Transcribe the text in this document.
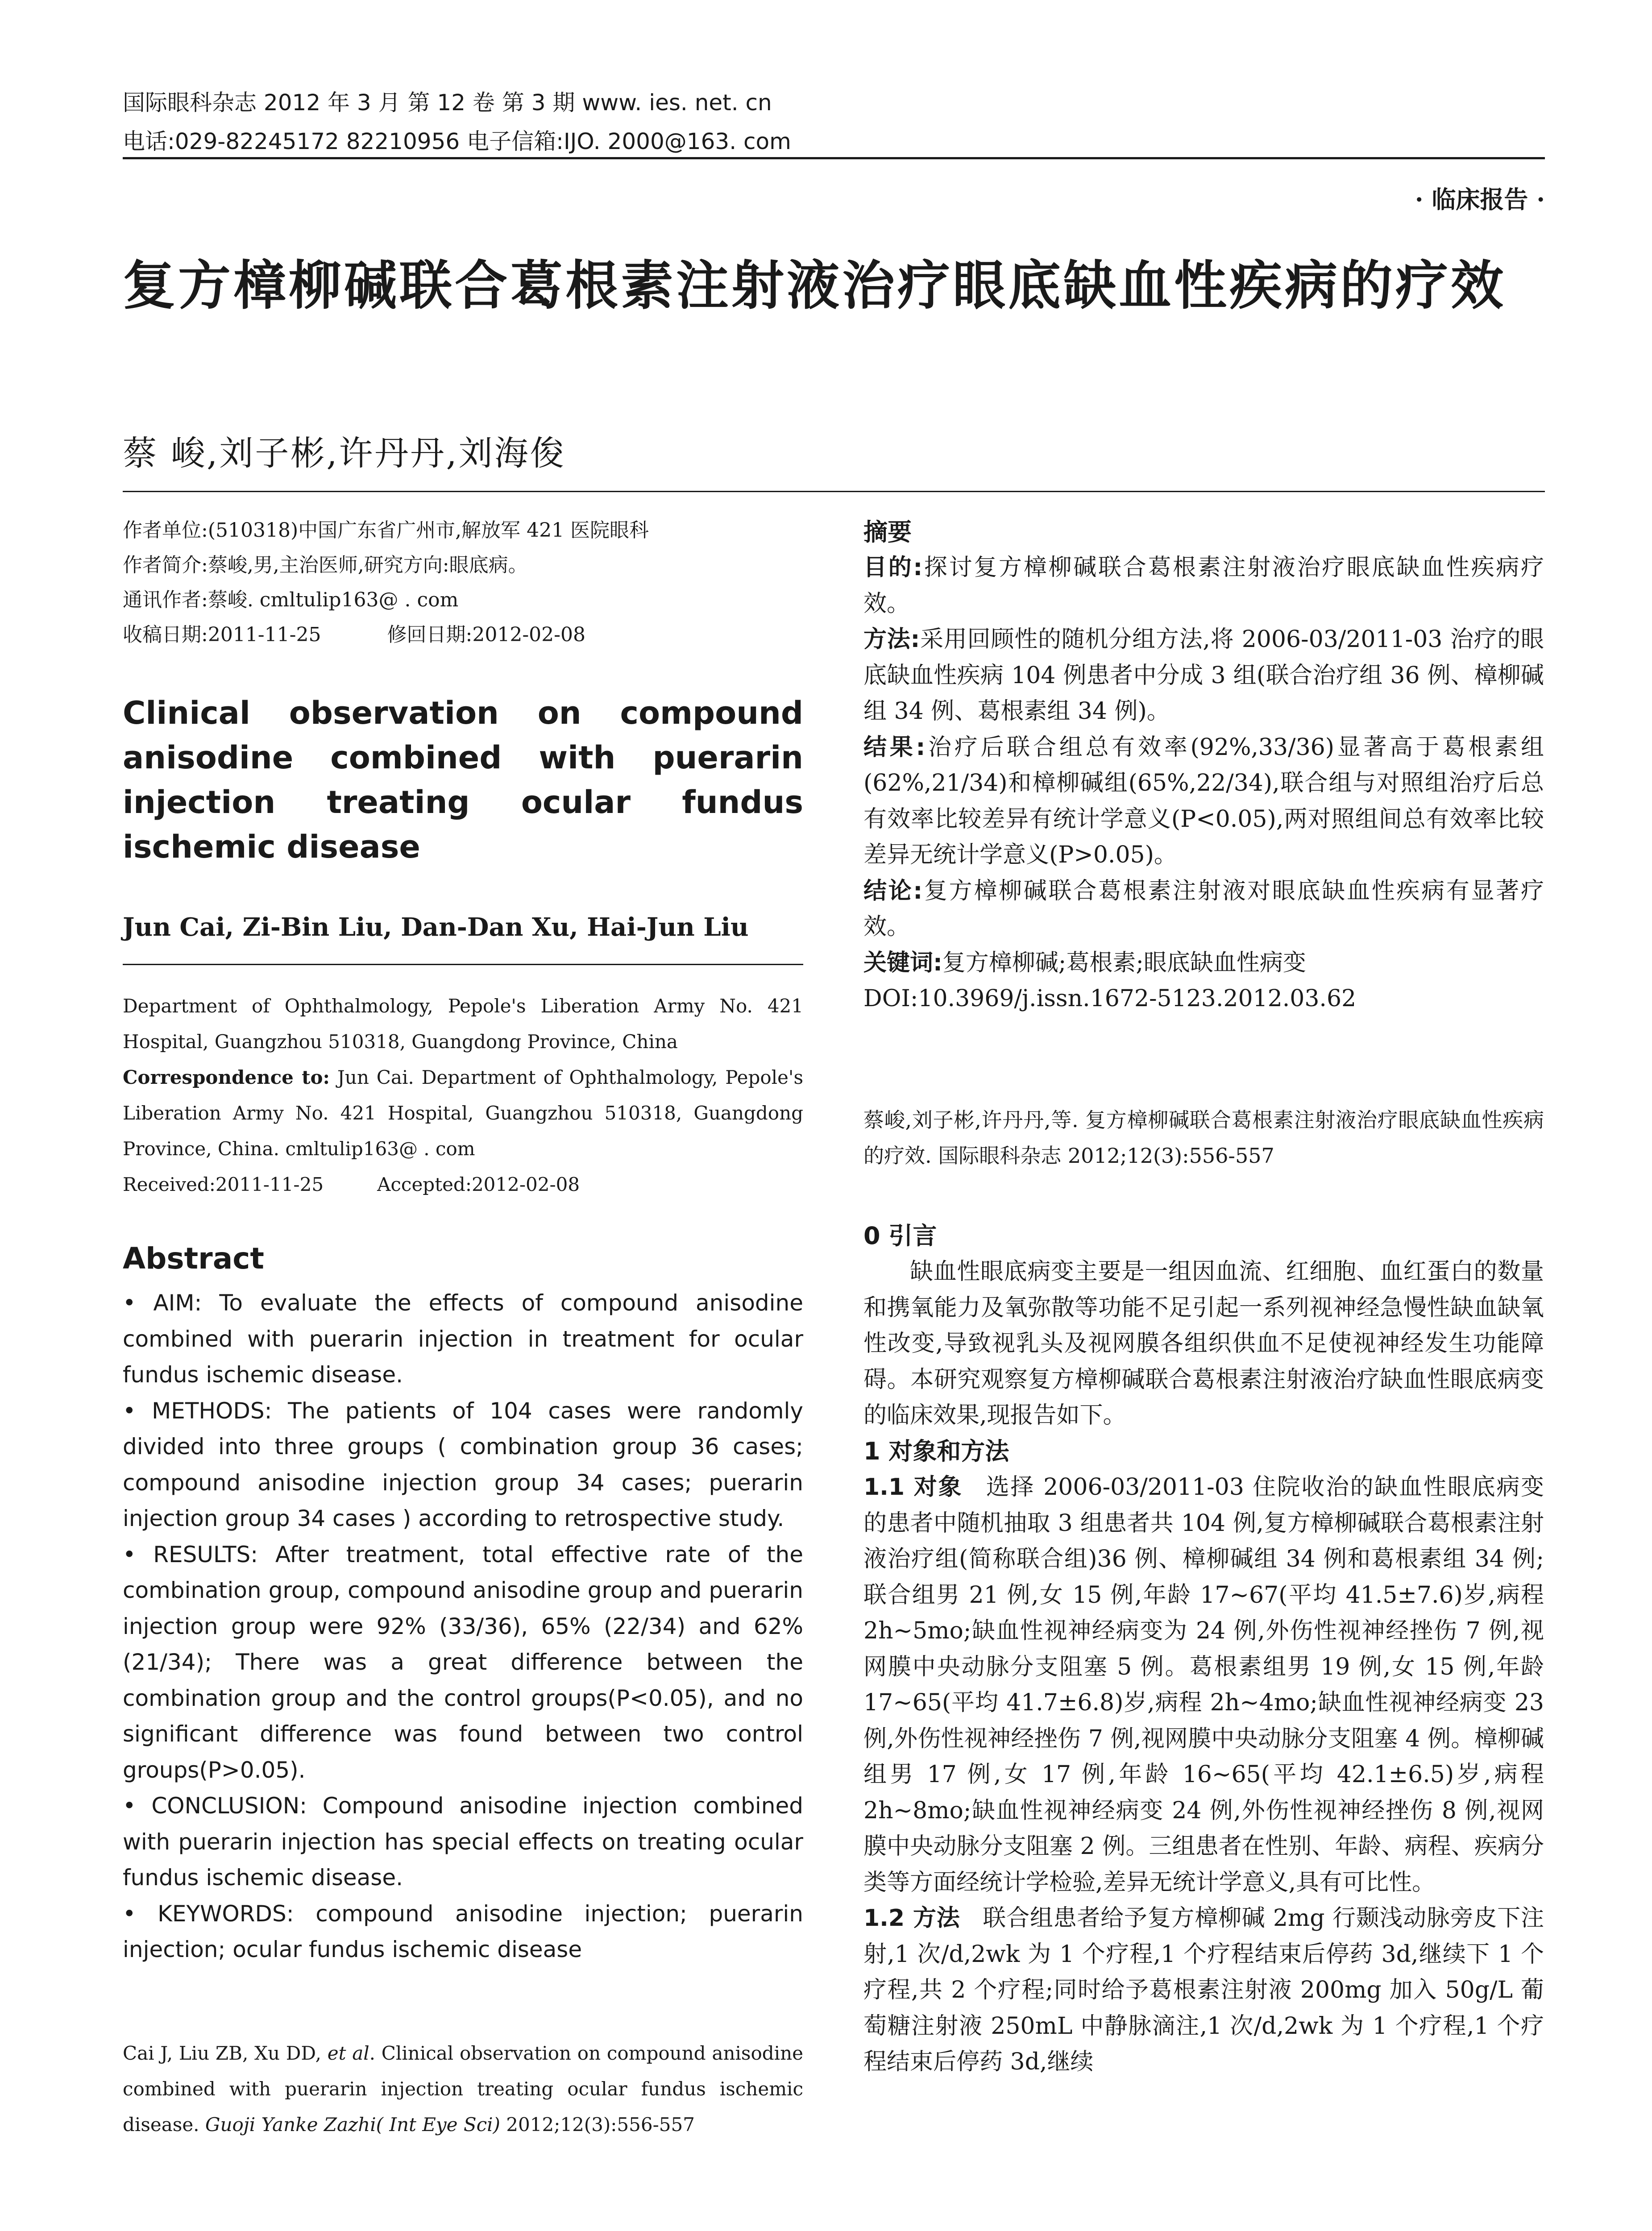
国际眼科杂志 2012 年 3 月 第 12 卷 第 3 期 www. ies. net. cn
电话:029-82245172 82210956 电子信箱:IJO. 2000@163. com
· 临床报告 ·
复方樟柳碱联合葛根素注射液治疗眼底缺血性疾病的疗效
蔡 峻,刘子彬,许丹丹,刘海俊
作者单位:(510318)中国广东省广州市,解放军 421 医院眼科
作者简介:蔡峻,男,主治医师,研究方向:眼底病。
通讯作者:蔡峻. cmltulip163@ . com
收稿日期:2011-11-25	修回日期:2012-02-08
Clinical observation on compound
anisodine combined with puerarin
injection treating ocular fundus
ischemic disease
Jun Cai, Zi-Bin Liu, Dan-Dan Xu, Hai-Jun Liu

Department of Ophthalmology, Pepole's Liberation Army No. 421 Hospital, Guangzhou 510318, Guangdong Province, China

Correspondence to: Jun Cai. Department of Ophthalmology, Pepole's Liberation Army No. 421 Hospital, Guangzhou 510318, Guangdong Province, China. cmltulip163@ . com

Received:2011-11-25	Accepted:2012-02-08

Abstract

• AIM: To evaluate the effects of compound anisodine combined with puerarin injection in treatment for ocular fundus ischemic disease.

• METHODS: The patients of 104 cases were randomly divided into three groups ( combination group 36 cases; compound anisodine injection group 34 cases; puerarin injection group 34 cases ) according to retrospective study.

• RESULTS: After treatment, total effective rate of the combination group, compound anisodine group and puerarin injection group were 92% (33/36), 65% (22/34) and 62% (21/34); There was a great difference between the combination group and the control groups(P<0.05), and no significant difference was found between two control groups(P>0.05).

• CONCLUSION: Compound anisodine injection combined with puerarin injection has special effects on treating ocular fundus ischemic disease.

• KEYWORDS: compound anisodine injection; puerarin injection; ocular fundus ischemic disease

Cai J, Liu ZB, Xu DD, et al. Clinical observation on compound anisodine combined with puerarin injection treating ocular fundus ischemic disease. Guoji Yanke Zazhi( Int Eye Sci) 2012;12(3):556-557
摘要

目的:探讨复方樟柳碱联合葛根素注射液治疗眼底缺血性疾病疗效。

方法:采用回顾性的随机分组方法,将 2006-03/2011-03 治疗的眼底缺血性疾病 104 例患者中分成 3 组(联合治疗组 36 例、樟柳碱组 34 例、葛根素组 34 例)。

结果:治疗后联合组总有效率(92%,33/36)显著高于葛根素组(62%,21/34)和樟柳碱组(65%,22/34),联合组与对照组治疗后总有效率比较差异有统计学意义(P<0.05),两对照组间总有效率比较差异无统计学意义(P>0.05)。

结论:复方樟柳碱联合葛根素注射液对眼底缺血性疾病有显著疗效。

关键词:复方樟柳碱;葛根素;眼底缺血性病变

DOI:10.3969/j.issn.1672-5123.2012.03.62

蔡峻,刘子彬,许丹丹,等. 复方樟柳碱联合葛根素注射液治疗眼底缺血性疾病的疗效. 国际眼科杂志 2012;12(3):556-557
0 引言

缺血性眼底病变主要是一组因血流、红细胞、血红蛋白的数量和携氧能力及氧弥散等功能不足引起一系列视神经急慢性缺血缺氧性改变,导致视乳头及视网膜各组织供血不足使视神经发生功能障碍。本研究观察复方樟柳碱联合葛根素注射液治疗缺血性眼底病变的临床效果,现报告如下。

1 对象和方法

1.1 对象 选择 2006-03/2011-03 住院收治的缺血性眼底病变的患者中随机抽取 3 组患者共 104 例,复方樟柳碱联合葛根素注射液治疗组(简称联合组)36 例、樟柳碱组 34 例和葛根素组 34 例;联合组男 21 例,女 15 例,年龄 17~67(平均 41.5±7.6)岁,病程 2h~5mo;缺血性视神经病变为 24 例,外伤性视神经挫伤 7 例,视网膜中央动脉分支阻塞 5 例。葛根素组男 19 例,女 15 例,年龄 17~65(平均 41.7±6.8)岁,病程 2h~4mo;缺血性视神经病变 23 例,外伤性视神经挫伤 7 例,视网膜中央动脉分支阻塞 4 例。樟柳碱组男 17 例,女 17 例,年龄 16~65(平均 42.1±6.5)岁,病程 2h~8mo;缺血性视神经病变 24 例,外伤性视神经挫伤 8 例,视网膜中央动脉分支阻塞 2 例。三组患者在性别、年龄、病程、疾病分类等方面经统计学检验,差异无统计学意义,具有可比性。

1.2 方法 联合组患者给予复方樟柳碱 2mg 行颞浅动脉旁皮下注射,1 次/d,2wk 为 1 个疗程,1 个疗程结束后停药 3d,继续下 1 个疗程,共 2 个疗程;同时给予葛根素注射液 200mg 加入 50g/L 葡萄糖注射液 250mL 中静脉滴注,1 次/d,2wk 为 1 个疗程,1 个疗程结束后停药 3d,继续
